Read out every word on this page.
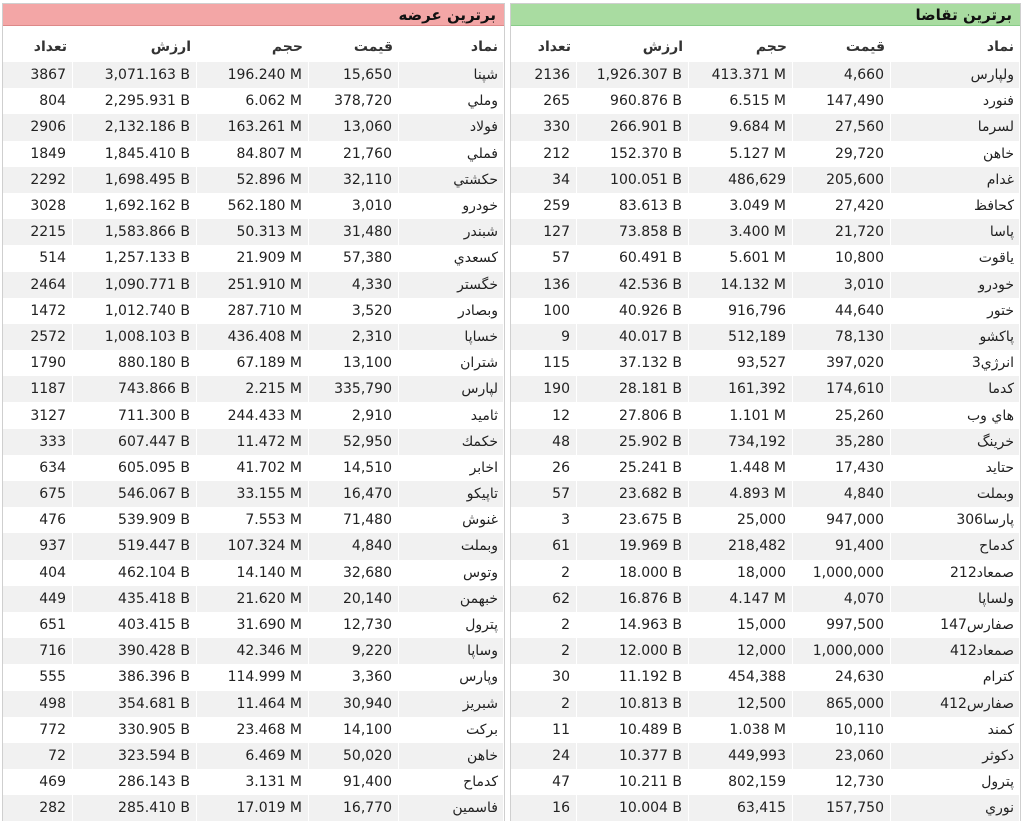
برترین عرضه
تعداد	ارزش	حجم	قیمت	نماد
3867	3,071.163 B	196.240 M	15,650	شپنا
804	2,295.931 B	6.062 M	378,720	وملي
2906	2,132.186 B	163.261 M	13,060	فولاد
1849	1,845.410 B	84.807 M	21,760	فملي
2292	1,698.495 B	52.896 M	32,110	حكشتي
3028	1,692.162 B	562.180 M	3,010	خودرو
2215	1,583.866 B	50.313 M	31,480	شبندر
514	1,257.133 B	21.909 M	57,380	كسعدي
2464	1,090.771 B	251.910 M	4,330	خگستر
1472	1,012.740 B	287.710 M	3,520	وبصادر
2572	1,008.103 B	436.408 M	2,310	خساپا
1790	880.180 B	67.189 M	13,100	شتران
1187	743.866 B	2.215 M	335,790	لپارس
3127	711.300 B	244.433 M	2,910	ثاميد
333	607.447 B	11.472 M	52,950	خكمك
634	605.095 B	41.702 M	14,510	اخابر
675	546.067 B	33.155 M	16,470	تاپيكو
476	539.909 B	7.553 M	71,480	غنوش
937	519.447 B	107.324 M	4,840	وبملت
404	462.104 B	14.140 M	32,680	وتوس
449	435.418 B	21.620 M	20,140	خبهمن
651	403.415 B	31.690 M	12,730	پترول
716	390.428 B	42.346 M	9,220	وساپا
555	386.396 B	114.999 M	3,360	وپارس
498	354.681 B	11.464 M	30,940	شبريز
772	330.905 B	23.468 M	14,100	بركت
72	323.594 B	6.469 M	50,020	خاهن
469	286.143 B	3.131 M	91,400	كدماح
282	285.410 B	17.019 M	16,770	فاسمين
برترین تقاضا
تعداد	ارزش	حجم	قیمت	نماد
2136	1,926.307 B	413.371 M	4,660	ولپارس
265	960.876 B	6.515 M	147,490	فنورد
330	266.901 B	9.684 M	27,560	لسرما
212	152.370 B	5.127 M	29,720	خاهن
34	100.051 B	486,629	205,600	غدام
259	83.613 B	3.049 M	27,420	كحافظ
127	73.858 B	3.400 M	21,720	پاسا
57	60.491 B	5.601 M	10,800	ياقوت
136	42.536 B	14.132 M	3,010	خودرو
100	40.926 B	916,796	44,640	ختور
9	40.017 B	512,189	78,130	پاكشو
115	37.132 B	93,527	397,020	انرژي3
190	28.181 B	161,392	174,610	كدما
12	27.806 B	1.101 M	25,260	هاي وب
48	25.902 B	734,192	35,280	خرينگ
26	25.241 B	1.448 M	17,430	حتايد
57	23.682 B	4.893 M	4,840	وبملت
3	23.675 B	25,000	947,000	پارسا306
61	19.969 B	218,482	91,400	كدماح
2	18.000 B	18,000	1,000,000	صمعاد212
62	16.876 B	4.147 M	4,070	ولساپا
2	14.963 B	15,000	997,500	صفارس147
2	12.000 B	12,000	1,000,000	صمعاد412
30	11.192 B	454,388	24,630	كترام
2	10.813 B	12,500	865,000	صفارس412
11	10.489 B	1.038 M	10,110	كمند
24	10.377 B	449,993	23,060	دكوثر
47	10.211 B	802,159	12,730	پترول
16	10.004 B	63,415	157,750	نوري
